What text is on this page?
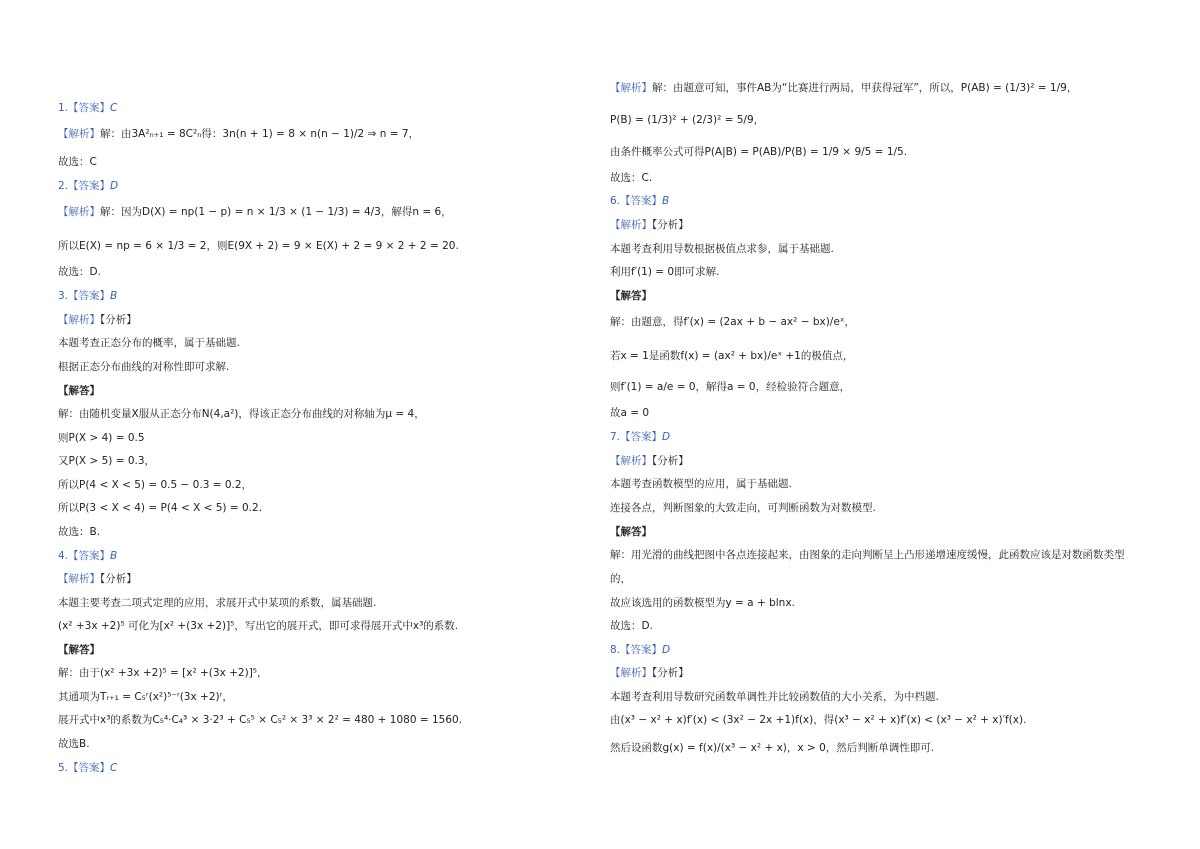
1.【答案】C
【解析】解：由3A²ₙ₊₁ = 8C²ₙ得：3n(n + 1) = 8 × n(n − 1)/2 ⇒ n = 7，
故选：C
2.【答案】D
【解析】解：因为D(X) = np(1 − p) = n × 1/3 × (1 − 1/3) = 4/3，解得n = 6，
所以E(X) = np = 6 × 1/3 = 2，则E(9X + 2) = 9 × E(X) + 2 = 9 × 2 + 2 = 20.
故选：D.
3.【答案】B
【解析】【分析】
本题考查正态分布的概率，属于基础题.
根据正态分布曲线的对称性即可求解.
【解答】
解：由随机变量X服从正态分布N(4,a²)，得该正态分布曲线的对称轴为μ = 4，
则P(X > 4) = 0.5
又P(X > 5) = 0.3，
所以P(4 < X < 5) = 0.5 − 0.3 = 0.2，
所以P(3 < X < 4) = P(4 < X < 5) = 0.2.
故选：B.
4.【答案】B
【解析】【分析】
本题主要考查二项式定理的应用，求展开式中某项的系数，属基础题.
(x² +3x +2)⁵ 可化为[x² +(3x +2)]⁵，写出它的展开式，即可求得展开式中x³的系数.
【解答】
解：由于(x² +3x +2)⁵ = [x² +(3x +2)]⁵，
其通项为Tᵣ₊₁ = C₅ʳ(x²)⁵⁻ʳ(3x +2)ʳ，
展开式中x³的系数为C₅⁴·C₄³ × 3·2³ + C₅⁵ × C₅² × 3³ × 2² = 480 + 1080 = 1560.
故选B.
5.【答案】C
【解析】解：由题意可知，事件AB为“比赛进行两局，甲获得冠军”，所以，P(AB) = (1/3)² = 1/9，
P(B) = (1/3)² + (2/3)² = 5/9，
由条件概率公式可得P(A|B) = P(AB)/P(B) = 1/9 × 9/5 = 1/5.
故选：C.
6.【答案】B
【解析】【分析】
本题考查利用导数根据极值点求参，属于基础题.
利用f′(1) = 0即可求解.
【解答】
解：由题意，得f′(x) = (2ax + b − ax² − bx)/eˣ，
若x = 1是函数f(x) = (ax² + bx)/eˣ +1的极值点，
则f′(1) = a/e = 0，解得a = 0，经检验符合题意，
故a = 0
7.【答案】D
【解析】【分析】
本题考查函数模型的应用，属于基础题.
连接各点，判断图象的大致走向，可判断函数为对数模型.
【解答】
解：用光滑的曲线把图中各点连接起来，由图象的走向判断呈上凸形递增速度缓慢，此函数应该是对数函数类型
的，
故应该选用的函数模型为y = a + blnx.
故选：D.
8.【答案】D
【解析】【分析】
本题考查利用导数研究函数单调性并比较函数值的大小关系，为中档题.
由(x³ − x² + x)f′(x) < (3x² − 2x +1)f(x)，得(x³ − x² + x)f′(x) < (x³ − x² + x)′f(x).
然后设函数g(x) = f(x)/(x³ − x² + x)，x > 0，然后判断单调性即可.
